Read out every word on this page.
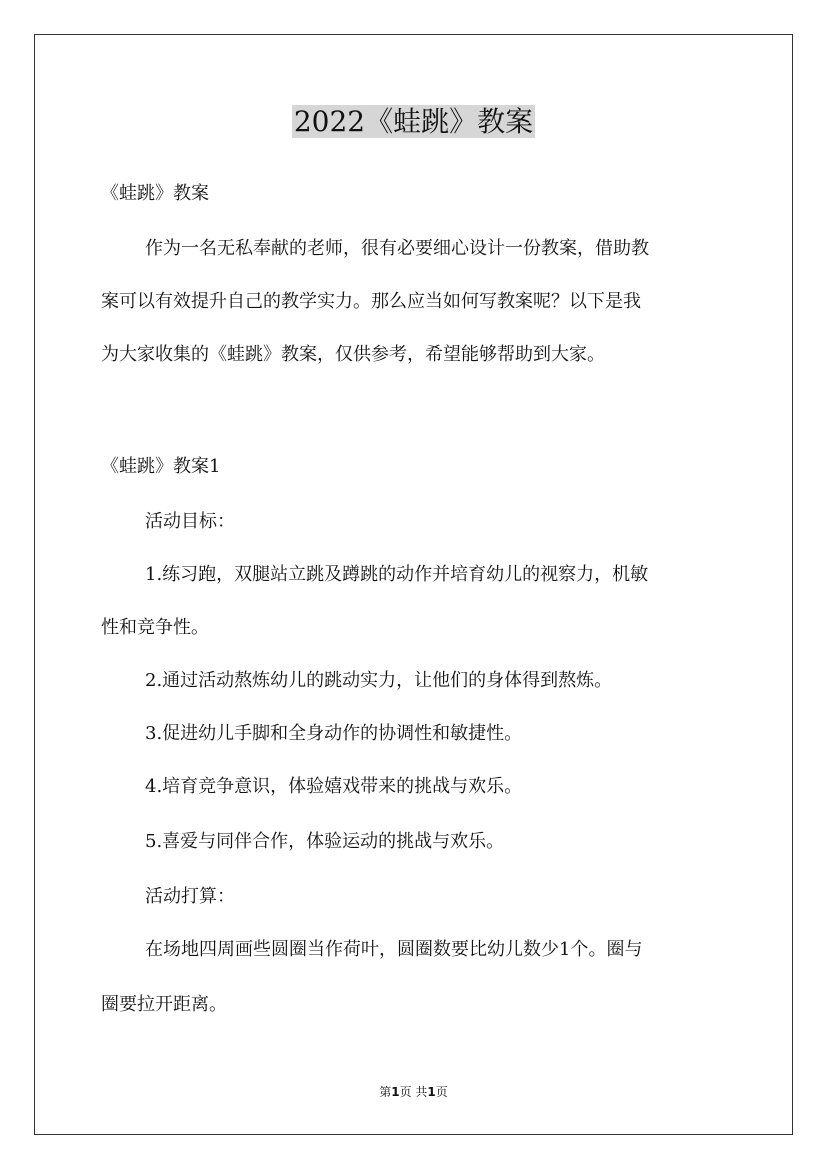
2022《蛙跳》教案
《蛙跳》教案
作为一名无私奉献的老师，很有必要细心设计一份教案，借助教
案可以有效提升自己的教学实力。那么应当如何写教案呢？以下是我
为大家收集的《蛙跳》教案，仅供参考，希望能够帮助到大家。
《蛙跳》教案1
活动目标：
1.练习跑，双腿站立跳及蹲跳的动作并培育幼儿的视察力，机敏
性和竞争性。
2.通过活动熬炼幼儿的跳动实力，让他们的身体得到熬炼。
3.促进幼儿手脚和全身动作的协调性和敏捷性。
4.培育竞争意识，体验嬉戏带来的挑战与欢乐。
5.喜爱与同伴合作，体验运动的挑战与欢乐。
活动打算：
在场地四周画些圆圈当作荷叶，圆圈数要比幼儿数少1个。圈与
圈要拉开距离。
第1页 共1页
